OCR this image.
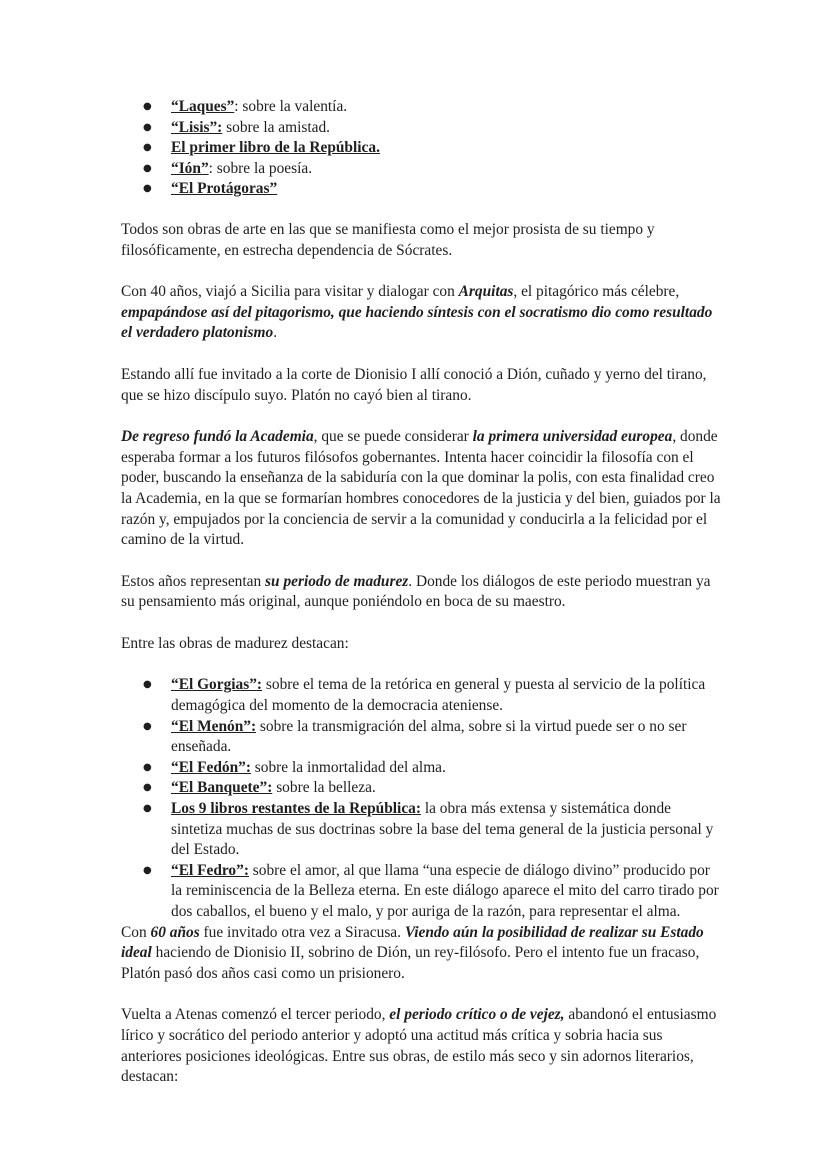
● “Laques”: sobre la valentía.
● “Lisis”: sobre la amistad.
● El primer libro de la República.
● “Ión”: sobre la poesía.
● “El Protágoras”

Todos son obras de arte en las que se manifiesta como el mejor prosista de su tiempo y filosóficamente, en estrecha dependencia de Sócrates.

Con 40 años, viajó a Sicilia para visitar y dialogar con Arquitas, el pitagórico más célebre, empapándose así del pitagorismo, que haciendo síntesis con el socratismo dio como resultado el verdadero platonismo.

Estando allí fue invitado a la corte de Dionisio I allí conoció a Dión, cuñado y yerno del tirano, que se hizo discípulo suyo. Platón no cayó bien al tirano.

De regreso fundó la Academia, que se puede considerar la primera universidad europea, donde esperaba formar a los futuros filósofos gobernantes. Intenta hacer coincidir la filosofía con el poder, buscando la enseñanza de la sabiduría con la que dominar la polis, con esta finalidad creo la Academia, en la que se formarían hombres conocedores de la justicia y del bien, guiados por la razón y, empujados por la conciencia de servir a la comunidad y conducirla a la felicidad por el camino de la virtud.

Estos años representan su periodo de madurez. Donde los diálogos de este periodo muestran ya su pensamiento más original, aunque poniéndolo en boca de su maestro.

Entre las obras de madurez destacan:

● “El Gorgias”: sobre el tema de la retórica en general y puesta al servicio de la política demagógica del momento de la democracia ateniense.
● “El Menón”: sobre la transmigración del alma, sobre si la virtud puede ser o no ser enseñada.
● “El Fedón”: sobre la inmortalidad del alma.
● “El Banquete”: sobre la belleza.
● Los 9 libros restantes de la República: la obra más extensa y sistemática donde sintetiza muchas de sus doctrinas sobre la base del tema general de la justicia personal y del Estado.
● “El Fedro”: sobre el amor, al que llama “una especie de diálogo divino” producido por la reminiscencia de la Belleza eterna. En este diálogo aparece el mito del carro tirado por dos caballos, el bueno y el malo, y por auriga de la razón, para representar el alma.

Con 60 años fue invitado otra vez a Siracusa. Viendo aún la posibilidad de realizar su Estado ideal haciendo de Dionisio II, sobrino de Dión, un rey-filósofo. Pero el intento fue un fracaso, Platón pasó dos años casi como un prisionero.

Vuelta a Atenas comenzó el tercer periodo, el periodo crítico o de vejez, abandonó el entusiasmo lírico y socrático del periodo anterior y adoptó una actitud más crítica y sobria hacia sus anteriores posiciones ideológicas. Entre sus obras, de estilo más seco y sin adornos literarios, destacan:
